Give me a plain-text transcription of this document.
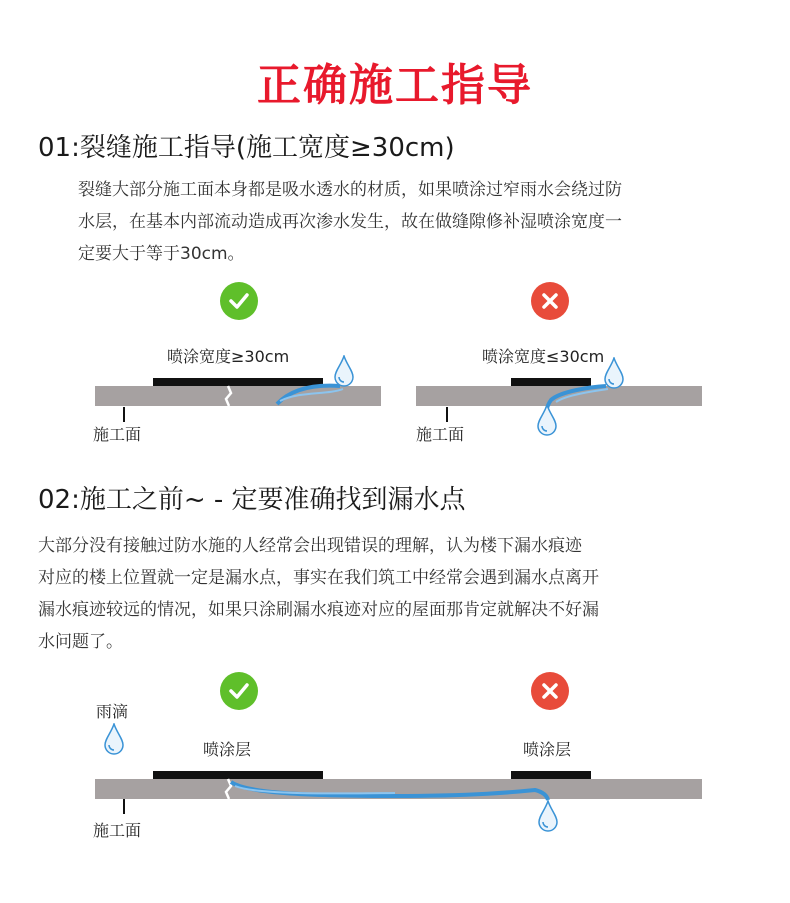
正确施工指导
01:裂缝施工指导(施工宽度≥30cm)
裂缝大部分施工面本身都是吸水透水的材质，如果喷涂过窄雨水会绕过防
水层，在基本内部流动造成再次渗水发生，故在做缝隙修补湿喷涂宽度一
定要大于等于30cm。
喷涂宽度≥30cm
施工面
喷涂宽度≤30cm
施工面
02:施工之前~ - 定要准确找到漏水点
大部分没有接触过防水施的人经常会出现错误的理解，认为楼下漏水痕迹
对应的楼上位置就一定是漏水点，事实在我们筑工中经常会遇到漏水点离开
漏水痕迹较远的情况，如果只涂刷漏水痕迹对应的屋面那肯定就解决不好漏
水问题了。
雨滴
喷涂层	喷涂层
施工面
